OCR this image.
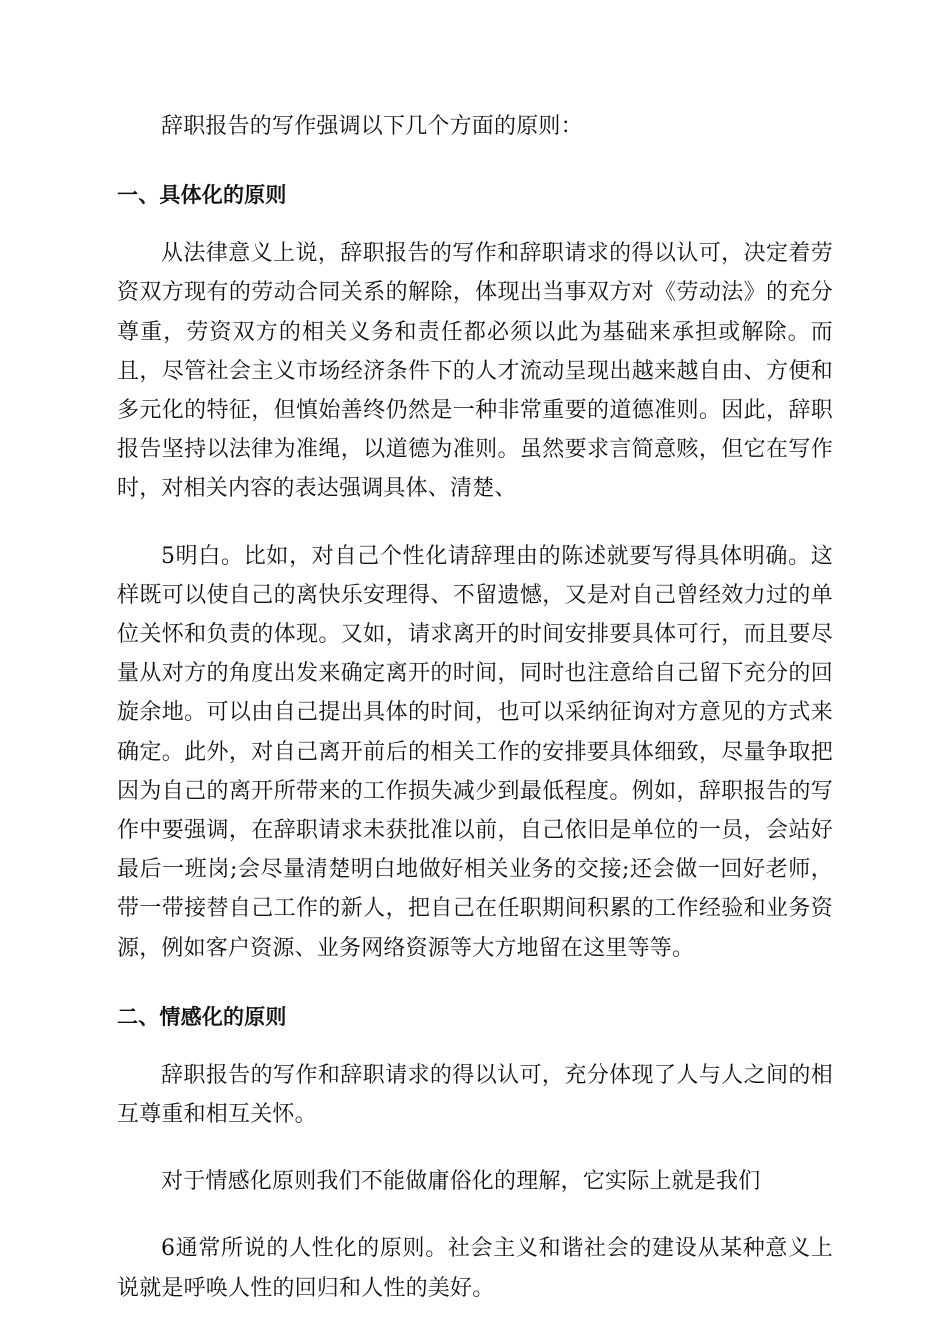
辞职报告的写作强调以下几个方面的原则：

一、具体化的原则

从法律意义上说，辞职报告的写作和辞职请求的得以认可，决定着劳资双方现有的劳动合同关系的解除，体现出当事双方对《劳动法》的充分尊重，劳资双方的相关义务和责任都必须以此为基础来承担或解除。而且，尽管社会主义市场经济条件下的人才流动呈现出越来越自由、方便和多元化的特征，但慎始善终仍然是一种非常重要的道德准则。因此，辞职报告坚持以法律为准绳，以道德为准则。虽然要求言简意赅，但它在写作时，对相关内容的表达强调具体、清楚、

5明白。比如，对自己个性化请辞理由的陈述就要写得具体明确。这样既可以使自己的离快乐安理得、不留遗憾，又是对自己曾经效力过的单位关怀和负责的体现。又如，请求离开的时间安排要具体可行，而且要尽量从对方的角度出发来确定离开的时间，同时也注意给自己留下充分的回旋余地。可以由自己提出具体的时间，也可以采纳征询对方意见的方式来确定。此外，对自己离开前后的相关工作的安排要具体细致，尽量争取把因为自己的离开所带来的工作损失减少到最低程度。例如，辞职报告的写作中要强调，在辞职请求未获批准以前，自己依旧是单位的一员，会站好最后一班岗;会尽量清楚明白地做好相关业务的交接;还会做一回好老师，带一带接替自己工作的新人，把自己在任职期间积累的工作经验和业务资源，例如客户资源、业务网络资源等大方地留在这里等等。

二、情感化的原则

辞职报告的写作和辞职请求的得以认可，充分体现了人与人之间的相互尊重和相互关怀。

对于情感化原则我们不能做庸俗化的理解，它实际上就是我们

6通常所说的人性化的原则。社会主义和谐社会的建设从某种意义上说就是呼唤人性的回归和人性的美好。
